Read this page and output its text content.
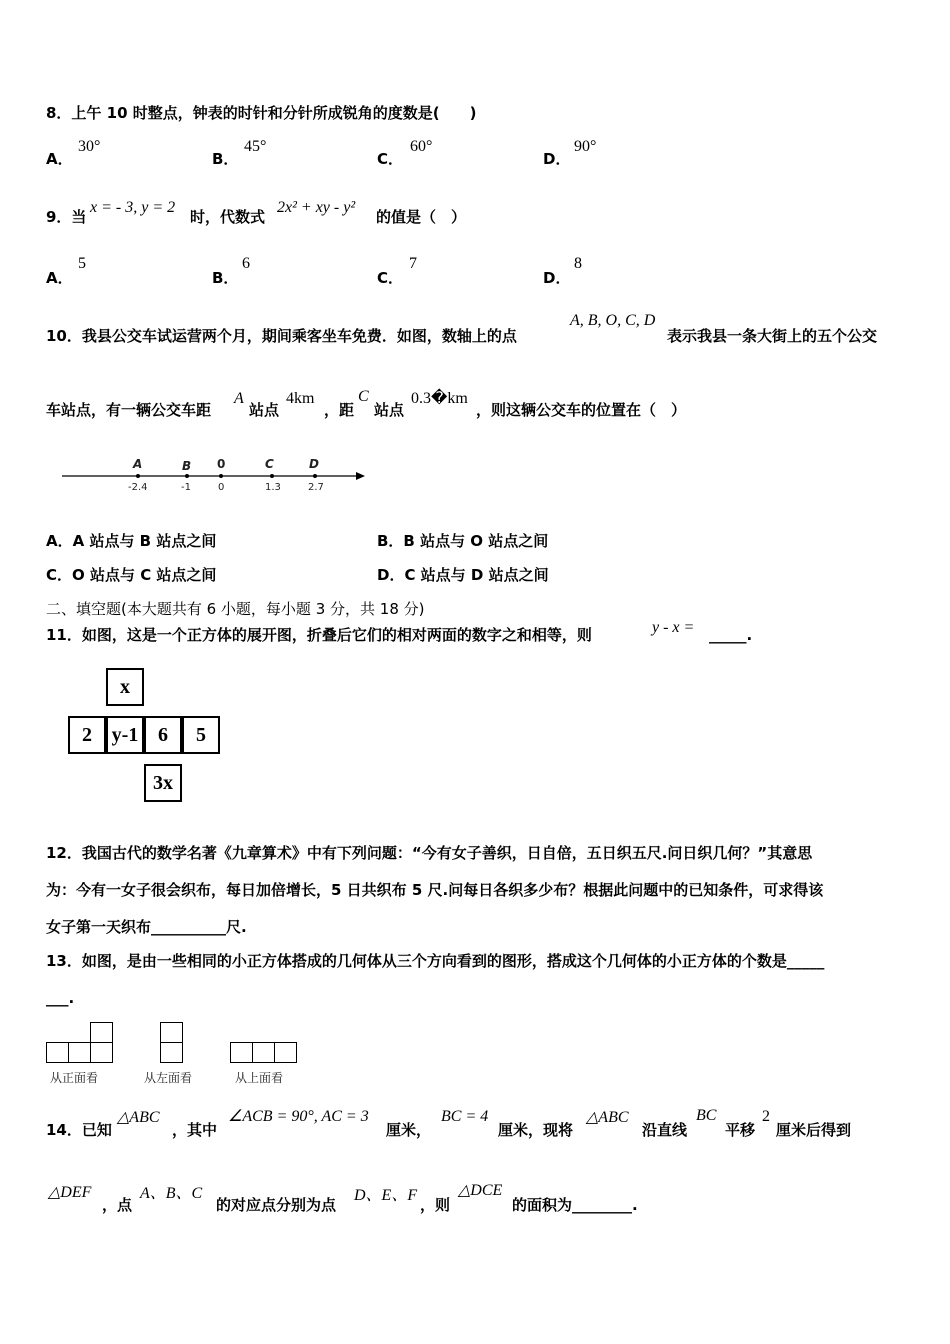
8．上午 10 时整点，钟表的时针和分针所成锐角的度数是(　　)
A．
30°
B．
45°
C．
60°
D．
90°
9．当
x = - 3, y = 2
时，代数式
2x² + xy - y²
的值是（　）
A．
5
B．
6
C．
7
D．
8
10．我县公交车试运营两个月，期间乘客坐车免费．如图，数轴上的点
A, B, O, C, D
表示我县一条大街上的五个公交
车站点，有一辆公交车距
A
站点
4km
，距
C
站点
0.3�km
，则这辆公交车的位置在（　）
A
-2.4
B
-1
0
0
C
1.3
D
2.7
A．A 站点与 B 站点之间	B．B 站点与 O 站点之间
C．O 站点与 C 站点之间	D．C 站点与 D 站点之间
二、填空题(本大题共有 6 小题，每小题 3 分，共 18 分)
11．如图，这是一个正方体的展开图，折叠后它们的相对两面的数字之和相等，则	y - x = _____.
x
2 y-1 6	5
3x
12．我国古代的数学名著《九章算术》中有下列问题：“今有女子善织，日自倍，五日织五尺.问日织几何？”其意思
为：今有一女子很会织布，每日加倍增长，5 日共织布 5 尺.问每日各织多少布？根据此问题中的已知条件，可求得该
女子第一天织布__________尺.
13．如图，是由一些相同的小正方体搭成的几何体从三个方向看到的图形，搭成这个几何体的小正方体的个数是_____
___.
从正面看	从左面看	从上面看
14．已知
△ABC
，其中
∠ACB = 90°, AC = 3
厘米，
BC = 4
厘米，现将
△ABC
沿直线
BC
平移
2
厘米后得到
△DEF
，点
A、B、C
的对应点分别为点
D、E、F
，则
△DCE
的面积为________.
